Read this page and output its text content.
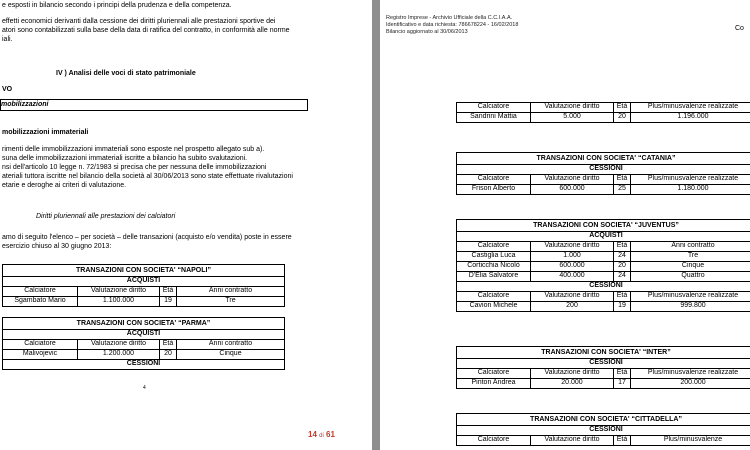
e esposti in bilancio secondo i principi della prudenza e della competenza.
effetti economici derivanti dalla cessione dei diritti pluriennali alle prestazioni sportive dei
atori sono contabilizzati sulla base della data di ratifica del contratto, in conformità alle norme
iali.
IV ) Analisi delle voci di stato patrimoniale
VO
mobilizzazioni
mobilizzazioni immateriali
rimenti delle immobilizzazioni immateriali sono esposte nel prospetto allegato sub a).
suna delle immobilizzazioni immateriali iscritte a bilancio ha subito svalutazioni.
nsi dell'articolo 10 legge n. 72/1983 si precisa che per nessuna delle immobilizzazioni
ateriali tuttora iscritte nel bilancio della società al 30/06/2013 sono state effettuate rivalutazioni
etarie e deroghe ai criteri di valutazione.
Diritti pluriennali alle prestazioni dei calciatori
amo di seguito l'elenco – per società – delle transazioni (acquisto e/o vendita) poste in essere
esercizio chiuso al 30 giugno 2013:
TRANSAZIONI CON SOCIETA' “NAPOLI”			
ACQUISTI			
Calciatore	Valutazione diritto	Età	Anni contratto
Sgambato Mario	1.100.000	19	Tre
TRANSAZIONI CON SOCIETA' “PARMA”			
ACQUISTI			
Calciatore	Valutazione diritto	Età	Anni contratto
Malivojevic	1.200.000	20	Cinque
CESSIONI			
4
14 di 61
Registro Imprese - Archivio Ufficiale della C.C.I.A.A.
Identificativo e data richiesta: 786678224 - 16/02/2018
Bilancio aggiornato al 30/06/2013	Co
Calciatore	Valutazione diritto	Età	Plus/minusvalenze realizzate
Sandrini Mattia	5.000	20	1.196.000
TRANSAZIONI CON SOCIETA' “CATANIA”			
CESSIONI			
Calciatore	Valutazione diritto	Età	Plus/minusvalenze realizzate
Frison Alberto	600.000	25	1.180.000
TRANSAZIONI CON SOCIETA' “JUVENTUS”			
ACQUISTI			
Calciatore	Valutazione diritto	Età	Anni contratto
Castiglia Luca	1.000	24	Tre
Corticchia Nicolò	600.000	20	Cinque
D'Elia Salvatore	400.000	24	Quattro
CESSIONI			
Calciatore	Valutazione diritto	Età	Plus/minusvalenze realizzate
Cavion Michele	200	19	999.800
TRANSAZIONI CON SOCIETA' “INTER”			
CESSIONI			
Calciatore	Valutazione diritto	Età	Plus/minusvalenze realizzate
Pinton Andrea	20.000	17	200.000
TRANSAZIONI CON SOCIETA' “CITTADELLA”
CESSIONI
Calciatore	Valutazione diritto	Età	Plus/minusvalenze
